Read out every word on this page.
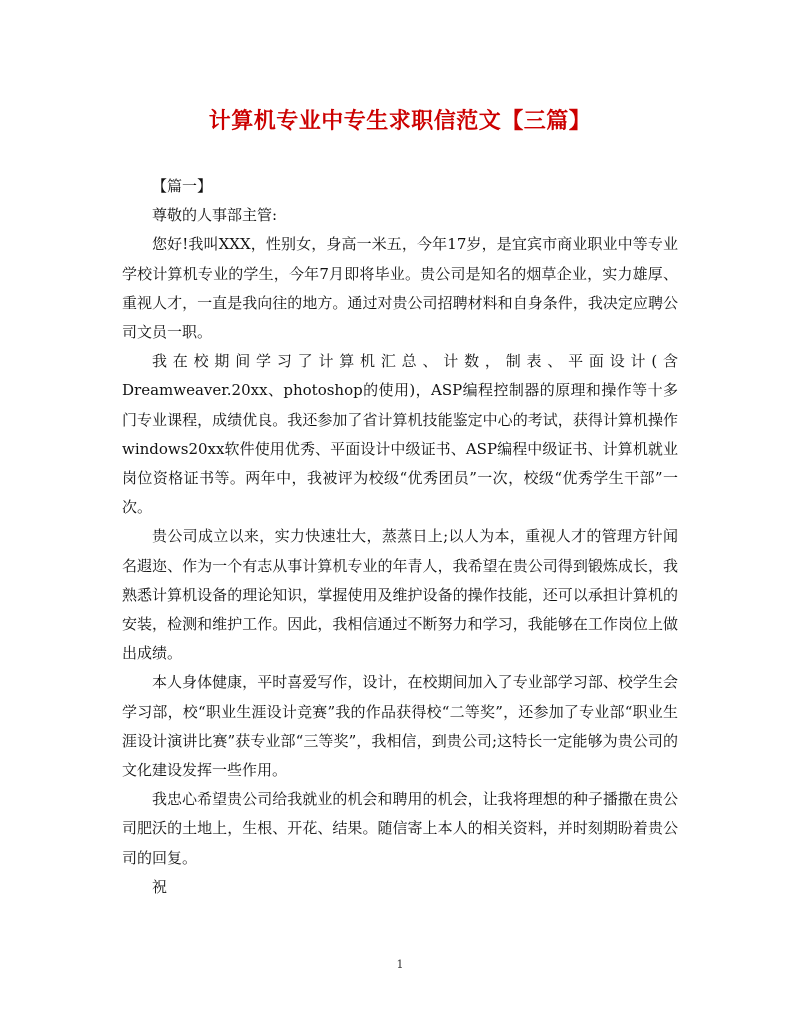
计算机专业中专生求职信范文【三篇】

【篇一】

尊敬的人事部主管:

您好!我叫XXX，性别女，身高一米五，今年17岁，是宜宾市商业职业中等专业学校计算机专业的学生，今年7月即将毕业。贵公司是知名的烟草企业，实力雄厚、重视人才，一直是我向往的地方。通过对贵公司招聘材料和自身条件，我决定应聘公司文员一职。

我在校期间学习了计算机汇总、计数，制表、平面设计(含Dreamweaver.20xx、photoshop的使用)，ASP编程控制器的原理和操作等十多门专业课程，成绩优良。我还参加了省计算机技能鉴定中心的考试，获得计算机操作windows20xx软件使用优秀、平面设计中级证书、ASP编程中级证书、计算机就业岗位资格证书等。两年中，我被评为校级“优秀团员”一次，校级“优秀学生干部”一次。

贵公司成立以来，实力快速壮大，蒸蒸日上;以人为本，重视人才的管理方针闻名遐迩、作为一个有志从事计算机专业的年青人，我希望在贵公司得到锻炼成长，我熟悉计算机设备的理论知识，掌握使用及维护设备的操作技能，还可以承担计算机的安装，检测和维护工作。因此，我相信通过不断努力和学习，我能够在工作岗位上做出成绩。

本人身体健康，平时喜爱写作，设计，在校期间加入了专业部学习部、校学生会学习部，校“职业生涯设计竞赛”我的作品获得校“二等奖”，还参加了专业部“职业生涯设计演讲比赛”获专业部“三等奖”，我相信，到贵公司;这特长一定能够为贵公司的文化建设发挥一些作用。

我忠心希望贵公司给我就业的机会和聘用的机会，让我将理想的种子播撒在贵公司肥沃的土地上，生根、开花、结果。随信寄上本人的相关资料，并时刻期盼着贵公司的回复。

祝

1
